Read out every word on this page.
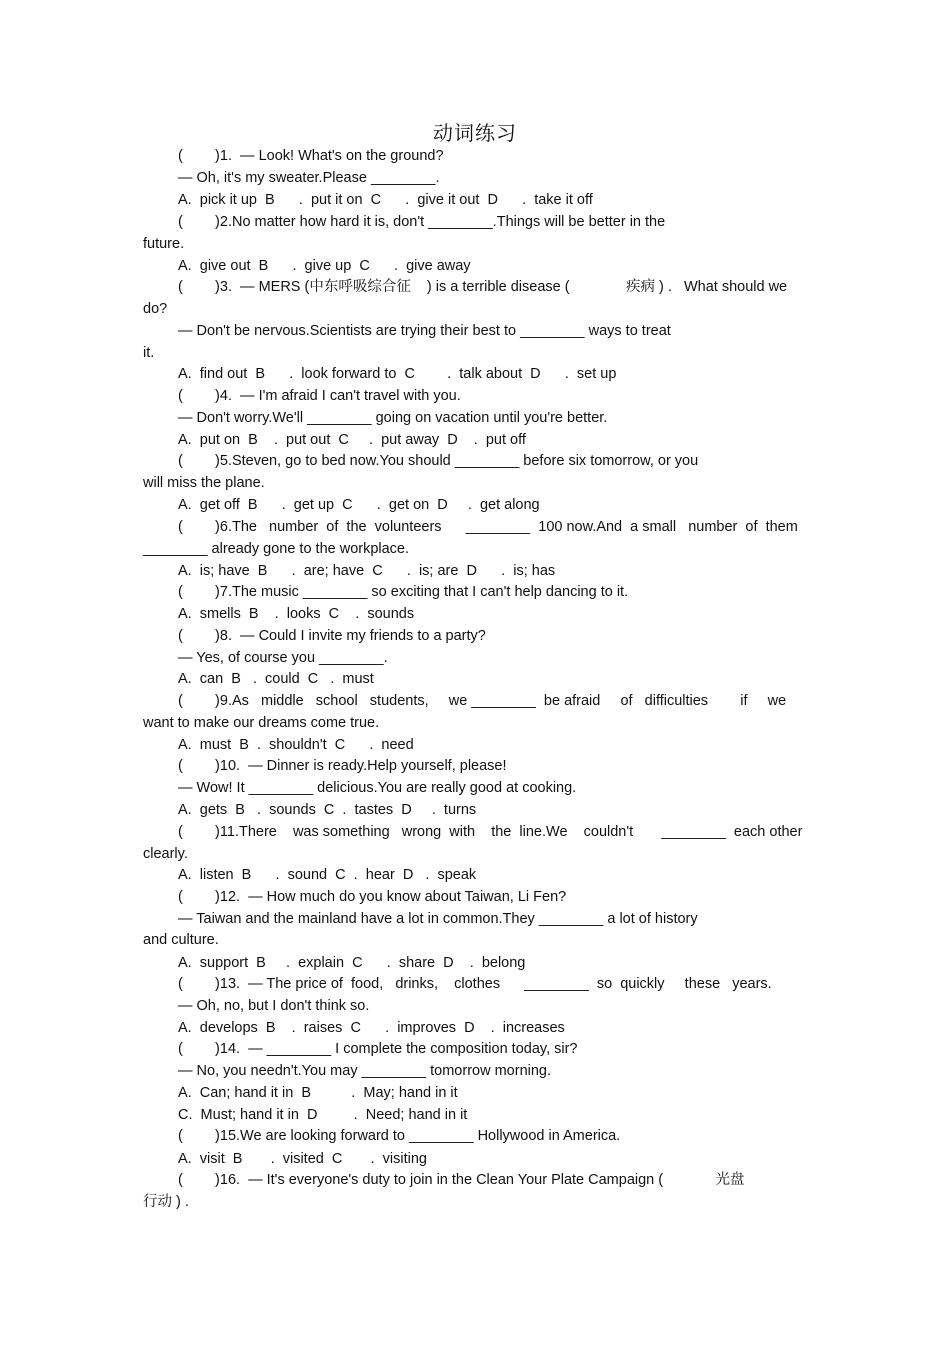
动词练习
(        )1.  — Look! What's on the ground?
— Oh, it's my sweater.Please ________.
A.  pick it up  B      .  put it on  C      .  give it out  D      .  take it off
(        )2.No matter how hard it is, don't ________.Things will be better in the
future.
A.  give out  B      .  give up  C      .  give away
(        )3.  — MERS (中东呼吸综合征    ) is a terrible disease (              疾病 ) .   What should we
do?
— Don't be nervous.Scientists are trying their best to ________ ways to treat
it.
A.  find out  B      .  look forward to  C        .  talk about  D      .  set up
(        )4.  — I'm afraid I can't travel with you.
— Don't worry.We'll ________ going on vacation until you're better.
A.  put on  B    .  put out  C     .  put away  D    .  put off
(        )5.Steven, go to bed now.You should ________ before six tomorrow, or you
will miss the plane.
A.  get off  B      .  get up  C      .  get on  D     .  get along
(        )6.The   number  of  the  volunteers      ________  100 now.And  a small   number  of  them
________ already gone to the workplace.
A.  is; have  B      .  are; have  C      .  is; are  D      .  is; has
(        )7.The music ________ so exciting that I can't help dancing to it.
A.  smells  B    .  looks  C    .  sounds
(        )8.  — Could I invite my friends to a party?
— Yes, of course you ________.
A.  can  B   .  could  C   .  must
(        )9.As   middle   school   students,     we ________  be afraid     of   difficulties        if     we
want to make our dreams come true.
A.  must  B  .  shouldn't  C      .  need
(        )10.  — Dinner is ready.Help yourself, please!
— Wow! It ________ delicious.You are really good at cooking.
A.  gets  B   .  sounds  C  .  tastes  D     .  turns
(        )11.There    was something   wrong  with    the  line.We    couldn't       ________  each other
clearly.
A.  listen  B      .  sound  C  .  hear  D   .  speak
(        )12.  — How much do you know about Taiwan, Li Fen?
— Taiwan and the mainland have a lot in common.They ________ a lot of history
and culture.
A.  support  B     .  explain  C      .  share  D    .  belong
(        )13.  — The price of  food,   drinks,    clothes      ________  so  quickly     these   years.
— Oh, no, but I don't think so.
A.  develops  B    .  raises  C      .  improves  D    .  increases
(        )14.  — ________ I complete the composition today, sir?
— No, you needn't.You may ________ tomorrow morning.
A.  Can; hand it in  B          .  May; hand in it
C.  Must; hand it in  D         .  Need; hand in it
(        )15.We are looking forward to ________ Hollywood in America.
A.  visit  B       .  visited  C       .  visiting
(        )16.  — It's everyone's duty to join in the Clean Your Plate Campaign (             光盘
行动 ) .
